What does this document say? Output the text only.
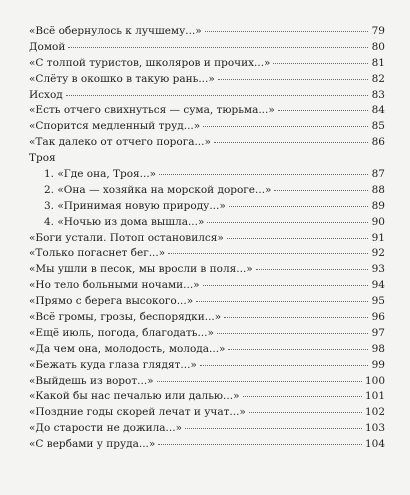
«Всё обернулось к лучшему...»	79
Домой	80
«С толпой туристов, школяров и прочих...»	81
«Слёту в окошко в такую рань...»	82
Исход	83
«Есть отчего свихнуться — сума, тюрьма...»	84
«Спорится медленный труд...»	85
«Так далеко от отчего порога...»	86
Троя
1. «Где она, Троя...»	87
2. «Она — хозяйка на морской дороге...»	88
3. «Принимая новую природу...»	89
4. «Ночью из дома вышла...»	90
«Боги устали. Потоп остановился»	91
«Только погаснет бег...»	92
«Мы ушли в песок, мы вросли в поля...»	93
«Но тело больными ночами...»	94
«Прямо с берега высокого...»	95
«Всё громы, грозы, беспорядки...»	96
«Ещё июль, погода, благодать...»	97
«Да чем она, молодость, молода...»	98
«Бежать куда глаза глядят...»	99
«Выйдешь из ворот...»	100
«Какой бы нас печалью или далью...»	101
«Поздние годы скорей лечат и учат...»	102
«До старости не дожила...»	103
«С вербами у пруда...»	104
